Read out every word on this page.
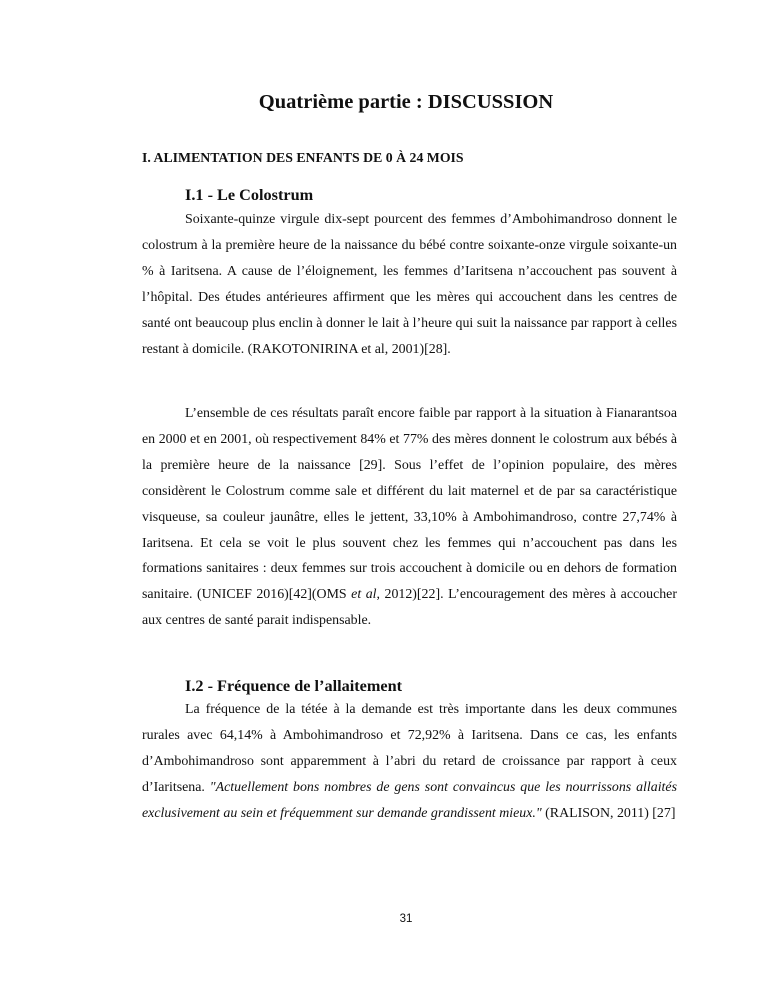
Quatrième partie : DISCUSSION
I. ALIMENTATION DES ENFANTS DE 0 À 24 MOIS
I.1 - Le Colostrum

Soixante-quinze virgule dix-sept pourcent des femmes d’Ambohimandroso donnent le colostrum à la première heure de la naissance du bébé contre soixante-onze virgule soixante-un % à Iaritsena. A cause de l’éloignement, les femmes d’Iaritsena n’accouchent pas souvent à l’hôpital. Des études antérieures affirment que les mères qui accouchent dans les centres de santé ont beaucoup plus enclin à donner le lait à l’heure qui suit la naissance par rapport à celles restant à domicile. (RAKOTONIRINA et al, 2001)[28].

L’ensemble de ces résultats paraît encore faible par rapport à la situation à Fianarantsoa en 2000 et en 2001, où respectivement 84% et 77% des mères donnent le colostrum aux bébés à la première heure de la naissance [29]. Sous l’effet de l’opinion populaire, des mères considèrent le Colostrum comme sale et différent du lait maternel et de par sa caractéristique visqueuse, sa couleur jaunâtre, elles le jettent, 33,10% à Ambohimandroso, contre 27,74% à Iaritsena. Et cela se voit le plus souvent chez les femmes qui n’accouchent pas dans les formations sanitaires : deux femmes sur trois accouchent à domicile ou en dehors de formation sanitaire. (UNICEF 2016)[42](OMS et al, 2012)[22]. L’encouragement des mères à accoucher aux centres de santé parait indispensable.

I.2 - Fréquence de l’allaitement

La fréquence de la tétée à la demande est très importante dans les deux communes rurales avec 64,14% à Ambohimandroso et 72,92% à Iaritsena. Dans ce cas, les enfants d’Ambohimandroso sont apparemment à l’abri du retard de croissance par rapport à ceux d’Iaritsena. "Actuellement bons nombres de gens sont convaincus que les nourrissons allaités exclusivement au sein et fréquemment sur demande grandissent mieux." (RALISON, 2011) [27]

31
